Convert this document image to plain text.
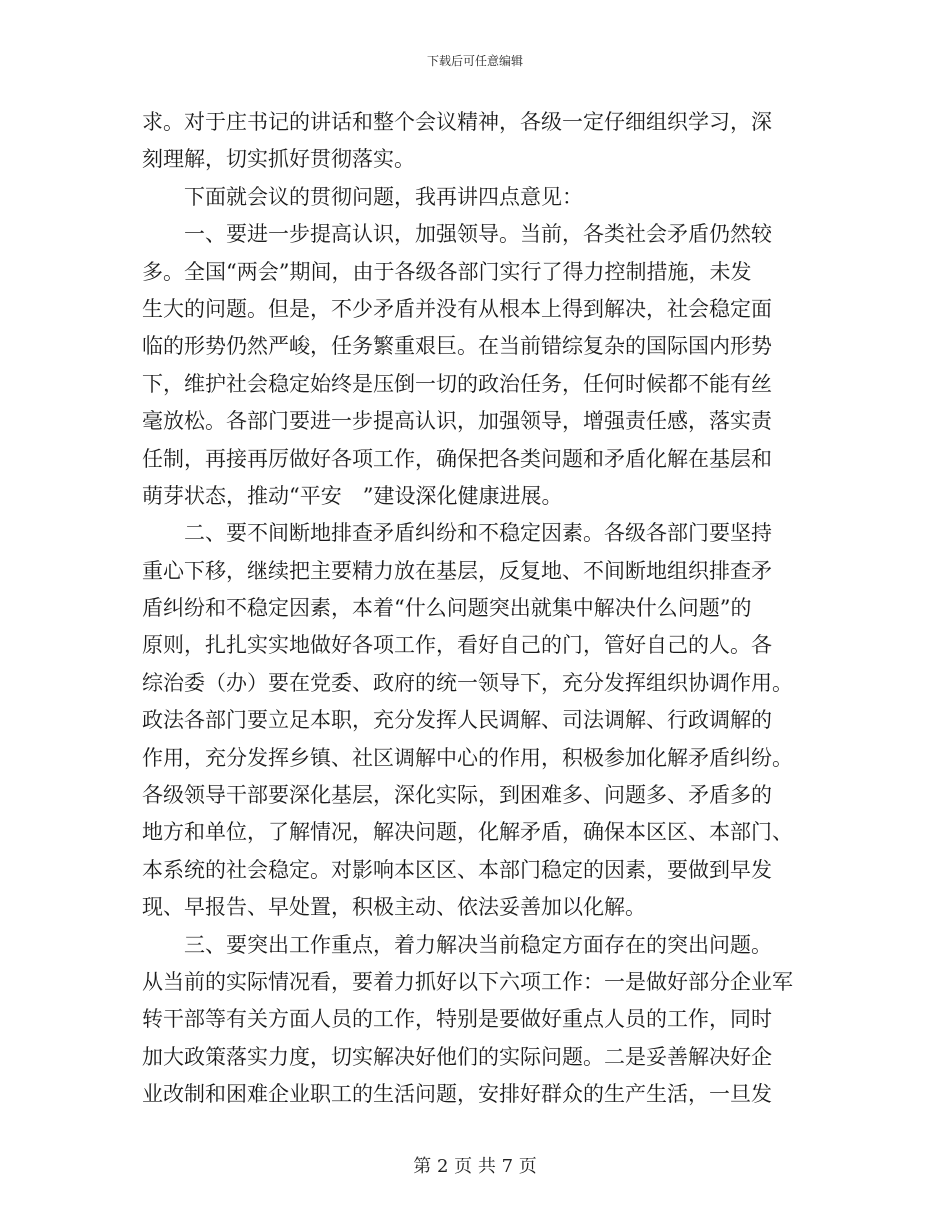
下载后可任意编辑
求。对于庄书记的讲话和整个会议精神，各级一定仔细组织学习，深
刻理解，切实抓好贯彻落实。
　　下面就会议的贯彻问题，我再讲四点意见：
　　一、要进一步提高认识，加强领导。当前，各类社会矛盾仍然较
多。全国“两会”期间，由于各级各部门实行了得力控制措施，未发
生大的问题。但是，不少矛盾并没有从根本上得到解决，社会稳定面
临的形势仍然严峻，任务繁重艰巨。在当前错综复杂的国际国内形势
下，维护社会稳定始终是压倒一切的政治任务，任何时候都不能有丝
毫放松。各部门要进一步提高认识，加强领导，增强责任感，落实责
任制，再接再厉做好各项工作，确保把各类问题和矛盾化解在基层和
萌芽状态，推动“平安　”建设深化健康进展。
　　二、要不间断地排查矛盾纠纷和不稳定因素。各级各部门要坚持
重心下移，继续把主要精力放在基层，反复地、不间断地组织排查矛
盾纠纷和不稳定因素，本着“什么问题突出就集中解决什么问题”的
原则，扎扎实实地做好各项工作，看好自己的门，管好自己的人。各
综治委（办）要在党委、政府的统一领导下，充分发挥组织协调作用。
政法各部门要立足本职，充分发挥人民调解、司法调解、行政调解的
作用，充分发挥乡镇、社区调解中心的作用，积极参加化解矛盾纠纷。
各级领导干部要深化基层，深化实际，到困难多、问题多、矛盾多的
地方和单位，了解情况，解决问题，化解矛盾，确保本区区、本部门、
本系统的社会稳定。对影响本区区、本部门稳定的因素，要做到早发
现、早报告、早处置，积极主动、依法妥善加以化解。
　　三、要突出工作重点，着力解决当前稳定方面存在的突出问题。
从当前的实际情况看，要着力抓好以下六项工作：一是做好部分企业军
转干部等有关方面人员的工作，特别是要做好重点人员的工作，同时
加大政策落实力度，切实解决好他们的实际问题。二是妥善解决好企
业改制和困难企业职工的生活问题，安排好群众的生产生活，一旦发
第 2 页 共 7 页
